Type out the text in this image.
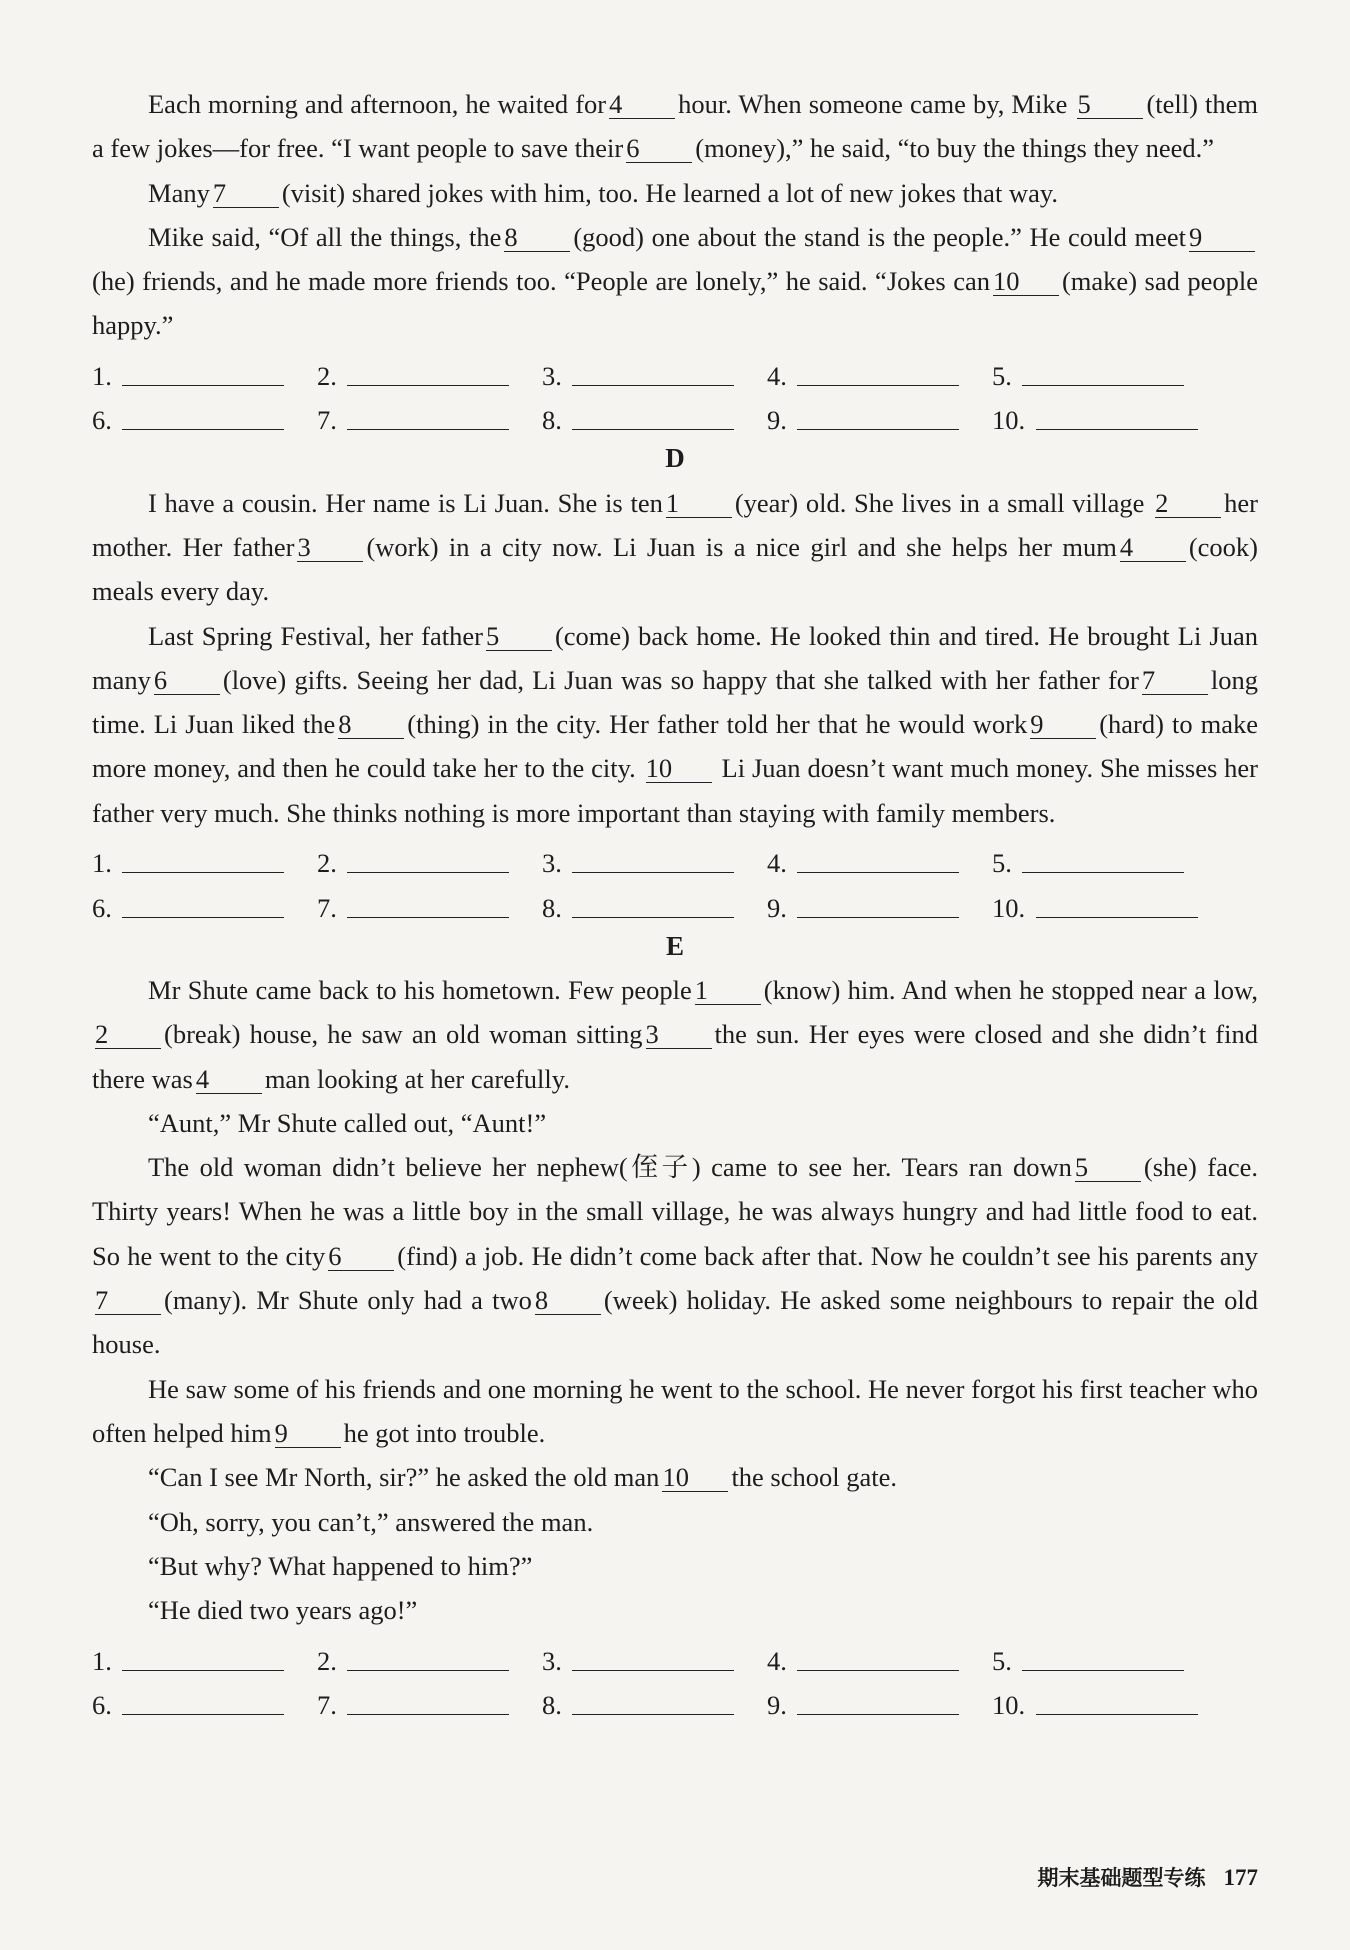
Each morning and afternoon, he waited for 4 hour. When someone came by, Mike 5 (tell) them a few jokes—for free. “I want people to save their 6 (money),” he said, “to buy the things they need.”

Many 7 (visit) shared jokes with him, too. He learned a lot of new jokes that way.

Mike said, “Of all the things, the 8 (good) one about the stand is the people.” He could meet 9(he) friends, and he made more friends too. “People are lonely,” he said. “Jokes can 10 (make) sad people happy.”

1.	2.	3.	4.	5.
6.	7.	8.	9.	10.
D

I have a cousin. Her name is Li Juan. She is ten 1 (year) old. She lives in a small village 2 her mother. Her father 3 (work) in a city now. Li Juan is a nice girl and she helps her mum 4 (cook) meals every day.

Last Spring Festival, her father 5 (come) back home. He looked thin and tired. He brought Li Juan many 6 (love) gifts. Seeing her dad, Li Juan was so happy that she talked with her father for 7 long time. Li Juan liked the 8 (thing) in the city. Her father told her that he would work 9 (hard) to make more money, and then he could take her to the city. 10 Li Juan doesn’t want much money. She misses her father very much. She thinks nothing is more important than staying with family members.

1.	2.	3.	4.	5.
6.	7.	8.	9.	10.
E

Mr Shute came back to his hometown. Few people 1 (know) him. And when he stopped near a low,2 (break) house, he saw an old woman sitting 3 the sun. Her eyes were closed and she didn’t find there was 4 man looking at her carefully.

“Aunt,” Mr Shute called out, “Aunt!”

The old woman didn’t believe her nephew(侄子) came to see her. Tears ran down 5 (she) face. Thirty years! When he was a little boy in the small village, he was always hungry and had little food to eat. So he went to the city 6 (find) a job. He didn’t come back after that. Now he couldn’t see his parents any7 (many). Mr Shute only had a two 8 (week) holiday. He asked some neighbours to repair the old house.

He saw some of his friends and one morning he went to the school. He never forgot his first teacher who often helped him 9 he got into trouble.

“Can I see Mr North, sir?” he asked the old man 10 the school gate.

“Oh, sorry, you can’t,” answered the man.

“But why? What happened to him?”

“He died two years ago!”

1.	2.	3.	4.	5.
6.	7.	8.	9.	10.
期末基础题型专练 177
